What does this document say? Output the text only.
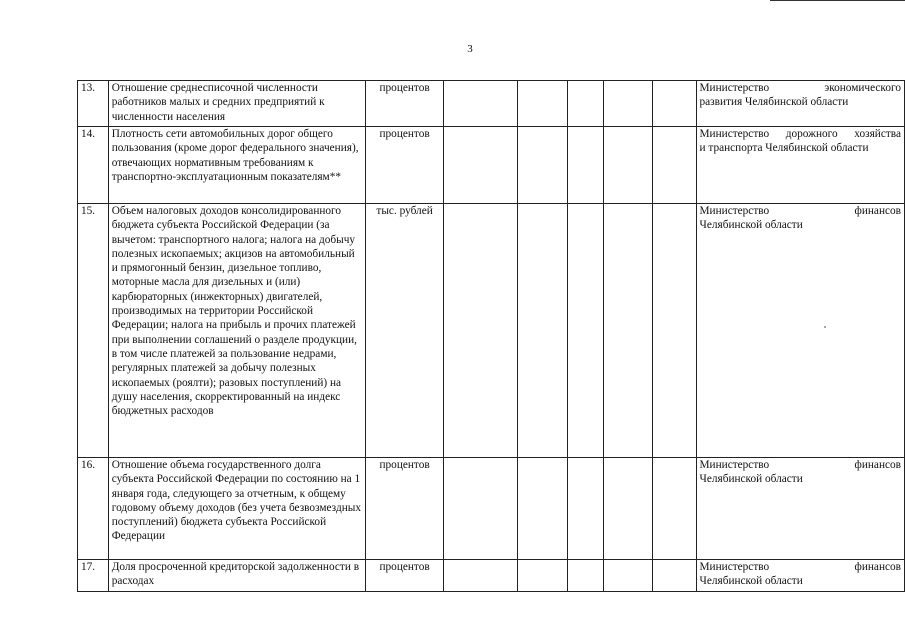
3
13.	Отношение среднесписочной численности работников малых и средних предприятий к численности населения	процентов						Министерство экономического
развития Челябинской области

14.	Плотность сети автомобильных дорог общего пользования (кроме дорог федерального значения), отвечающих нормативным требованиям к транспортно-эксплуатационным показателям**	процентов						Министерство дорожного хозяйства
и транспорта Челябинской области

15.	Объем налоговых доходов консолидированного бюджета субъекта Российской Федерации (за вычетом: транспортного налога; налога на добычу полезных ископаемых; акцизов на автомобильный и прямогонный бензин, дизельное топливо, моторные масла для дизельных и (или) карбюраторных (инжекторных) двигателей, производимых на территории Российской Федерации; налога на прибыль и прочих платежей при выполнении соглашений о разделе продукции, в том числе платежей за пользование недрами, регулярных платежей за добычу полезных ископаемых (роялти); разовых поступлений) на душу населения, скорректированный на индекс бюджетных расходов	тыс. рублей						Министерство финансов
Челябинской области

16.	Отношение объема государственного долга субъекта Российской Федерации по состоянию на 1 января года, следующего за отчетным, к общему годовому объему доходов (без учета безвозмездных поступлений) бюджета субъекта Российской Федерации	процентов						Министерство финансов
Челябинской области

17.	Доля просроченной кредиторской задолженности в расходах	процентов						Министерство финансов
Челябинской области
